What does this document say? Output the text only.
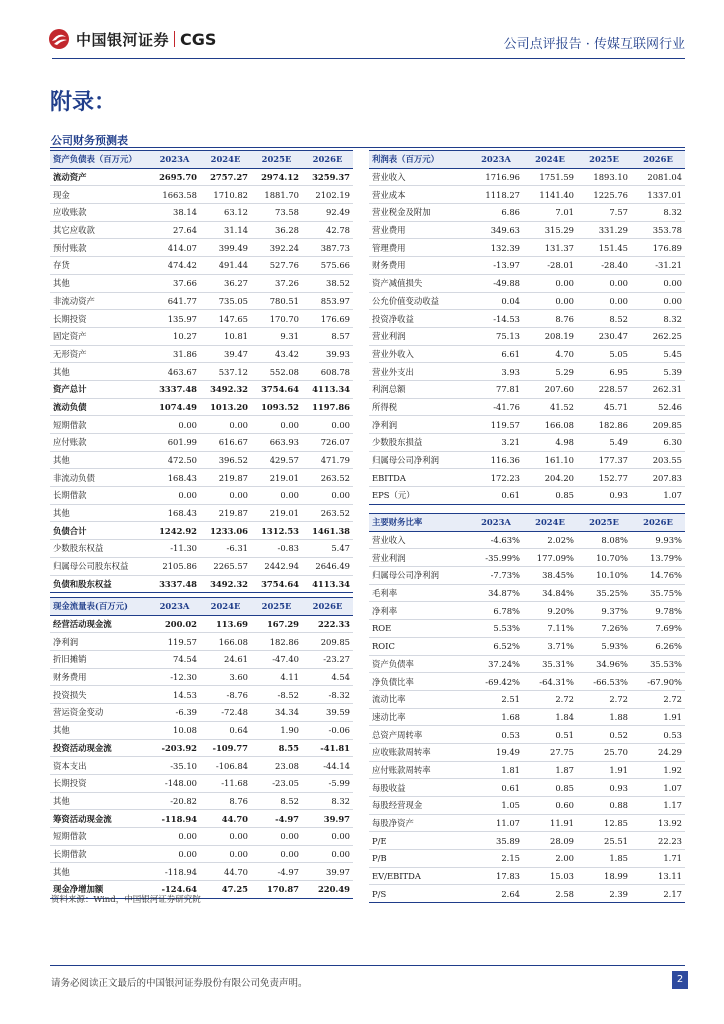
中国银河证券 CGS	公司点评报告 · 传媒互联网行业
附录：
公司财务预测表
资产负债表（百万元）	2023A	2024E	2025E	2026E
流动资产	2695.70	2757.27	2974.12	3259.37
现金	1663.58	1710.82	1881.70	2102.19
应收账款	38.14	63.12	73.58	92.49
其它应收款	27.64	31.14	36.28	42.78
预付账款	414.07	399.49	392.24	387.73
存货	474.42	491.44	527.76	575.66
其他	37.66	36.27	37.26	38.52
非流动资产	641.77	735.05	780.51	853.97
长期投资	135.97	147.65	170.70	176.69
固定资产	10.27	10.81	9.31	8.57
无形资产	31.86	39.47	43.42	39.93
其他	463.67	537.12	552.08	608.78
资产总计	3337.48	3492.32	3754.64	4113.34
流动负债	1074.49	1013.20	1093.52	1197.86
短期借款	0.00	0.00	0.00	0.00
应付账款	601.99	616.67	663.93	726.07
其他	472.50	396.52	429.57	471.79
非流动负债	168.43	219.87	219.01	263.52
长期借款	0.00	0.00	0.00	0.00
其他	168.43	219.87	219.01	263.52
负债合计	1242.92	1233.06	1312.53	1461.38
少数股东权益	-11.30	-6.31	-0.83	5.47
归属母公司股东权益	2105.86	2265.57	2442.94	2646.49
负债和股东权益	3337.48	3492.32	3754.64	4113.34
利润表（百万元）	2023A	2024E	2025E	2026E
营业收入	1716.96	1751.59	1893.10	2081.04
营业成本	1118.27	1141.40	1225.76	1337.01
营业税金及附加	6.86	7.01	7.57	8.32
营业费用	349.63	315.29	331.29	353.78
管理费用	132.39	131.37	151.45	176.89
财务费用	-13.97	-28.01	-28.40	-31.21
资产减值损失	-49.88	0.00	0.00	0.00
公允价值变动收益	0.04	0.00	0.00	0.00
投资净收益	-14.53	8.76	8.52	8.32
营业利润	75.13	208.19	230.47	262.25
营业外收入	6.61	4.70	5.05	5.45
营业外支出	3.93	5.29	6.95	5.39
利润总额	77.81	207.60	228.57	262.31
所得税	-41.76	41.52	45.71	52.46
净利润	119.57	166.08	182.86	209.85
少数股东损益	3.21	4.98	5.49	6.30
归属母公司净利润	116.36	161.10	177.37	203.55
EBITDA	172.23	204.20	152.77	207.83
EPS（元）	0.61	0.85	0.93	1.07
现金流量表(百万元)	2023A	2024E	2025E	2026E
经营活动现金流	200.02	113.69	167.29	222.33
净利润	119.57	166.08	182.86	209.85
折旧摊销	74.54	24.61	-47.40	-23.27
财务费用	-12.30	3.60	4.11	4.54
投资损失	14.53	-8.76	-8.52	-8.32
营运资金变动	-6.39	-72.48	34.34	39.59
其他	10.08	0.64	1.90	-0.06
投资活动现金流	-203.92	-109.77	8.55	-41.81
资本支出	-35.10	-106.84	23.08	-44.14
长期投资	-148.00	-11.68	-23.05	-5.99
其他	-20.82	8.76	8.52	8.32
筹资活动现金流	-118.94	44.70	-4.97	39.97
短期借款	0.00	0.00	0.00	0.00
长期借款	0.00	0.00	0.00	0.00
其他	-118.94	44.70	-4.97	39.97
现金净增加额	-124.64	47.25	170.87	220.49
主要财务比率	2023A	2024E	2025E	2026E
营业收入	-4.63%	2.02%	8.08%	9.93%
营业利润	-35.99%	177.09%	10.70%	13.79%
归属母公司净利润	-7.73%	38.45%	10.10%	14.76%
毛利率	34.87%	34.84%	35.25%	35.75%
净利率	6.78%	9.20%	9.37%	9.78%
ROE	5.53%	7.11%	7.26%	7.69%
ROIC	6.52%	3.71%	5.93%	6.26%
资产负债率	37.24%	35.31%	34.96%	35.53%
净负债比率	-69.42%	-64.31%	-66.53%	-67.90%
流动比率	2.51	2.72	2.72	2.72
速动比率	1.68	1.84	1.88	1.91
总资产周转率	0.53	0.51	0.52	0.53
应收账款周转率	19.49	27.75	25.70	24.29
应付账款周转率	1.81	1.87	1.91	1.92
每股收益	0.61	0.85	0.93	1.07
每股经营现金	1.05	0.60	0.88	1.17
每股净资产	11.07	11.91	12.85	13.92
P/E	35.89	28.09	25.51	22.23
P/B	2.15	2.00	1.85	1.71
EV/EBITDA	17.83	15.03	18.99	13.11
P/S	2.64	2.58	2.39	2.17
资料来源：Wind，中国银河证券研究院
请务必阅读正文最后的中国银河证券股份有限公司免责声明。	2
